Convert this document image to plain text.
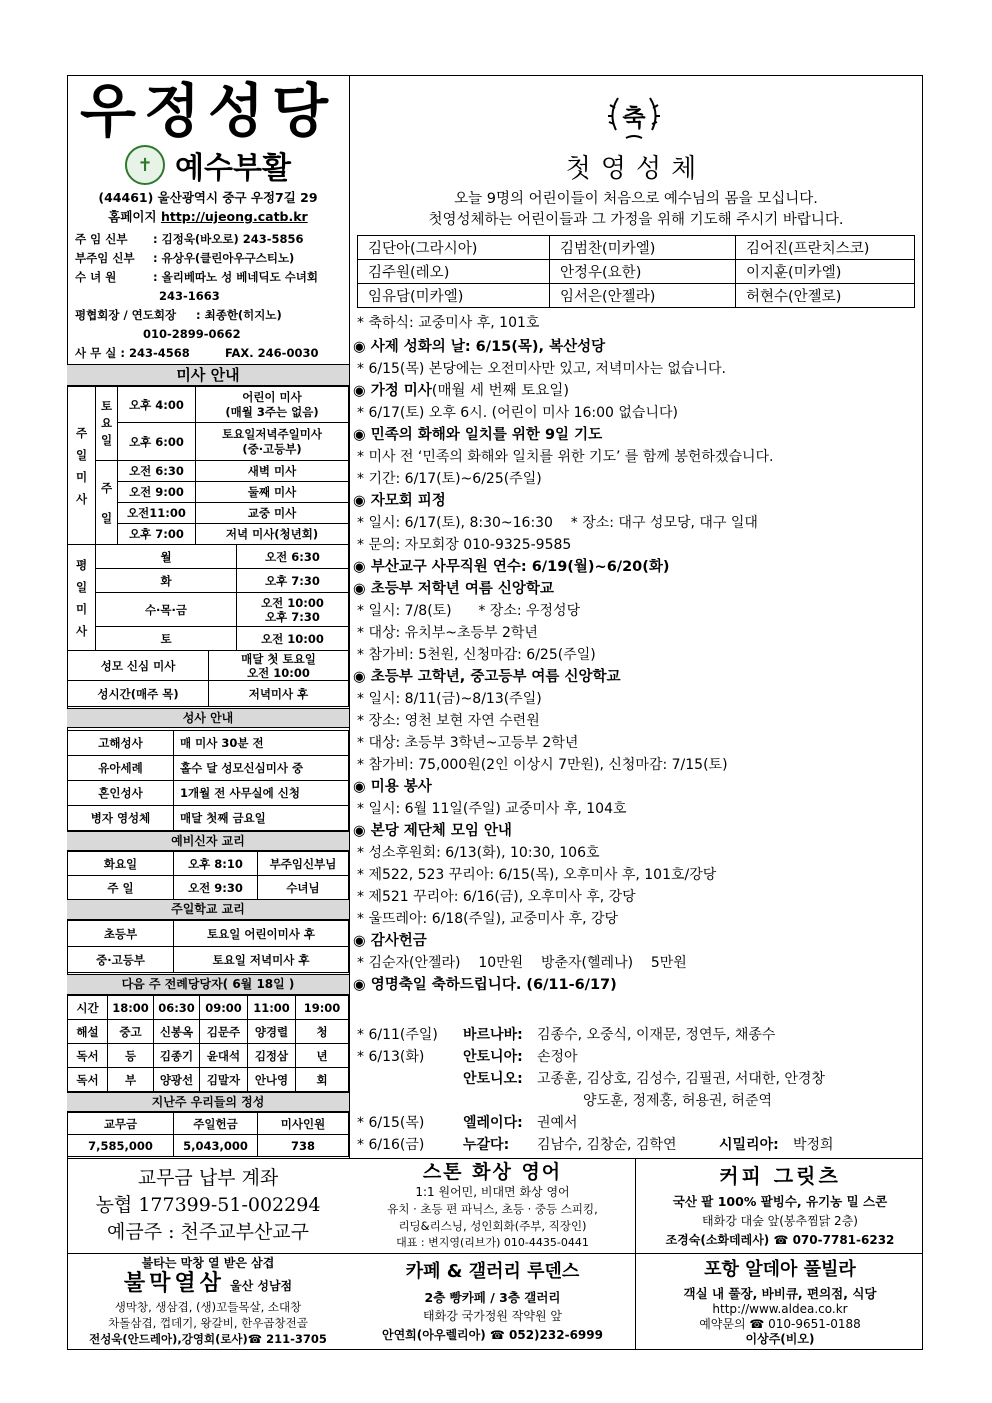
우정성당
✝ 예수부활
(44461) 울산광역시 중구 우정7길 29
홈페이지 http://ujeong.catb.kr
주 임 신부 : 김정욱(바오로) 243-5856
부주임 신부 : 유상우(클린아우구스티노)
수 녀 원	: 올리베따노 성 베네딕도 수녀회
243-1663
평협회장 / 연도회장 : 최종한(히지노)
010-2899-0662
사 무 실 : 243-4568	FAX. 246-0030
미사 안내
주
일
미
사	토
요
일	오후 4:00	어린이 미사
(매월 3주는 없음)
		오후 6:00	토요일저녁주일미사
(중·고등부)
	주
일	오전 6:30	새벽 미사
		오전 9:00	둘째 미사
		오전11:00	교중 미사
		오후 7:00	저녁 미사(청년회)
평
일
미
사	월	오전 6:30
	화	오후 7:30
	수·목·금	오전 10:00
오후 7:30
	토	오전 10:00
성모 신심 미사	매달 첫 토요일
오전 10:00
성시간(매주 목)	저녁미사 후
성사 안내
고해성사	매 미사 30분 전
유아세례	홀수 달 성모신심미사 중
혼인성사	1개월 전 사무실에 신청
병자 영성체	매달 첫째 금요일
예비신자 교리
화요일	오후 8:10	부주임신부님
주 일	오전 9:30	수녀님
주일학교 교리
초등부	토요일 어린이미사 후
중·고등부	토요일 저녁미사 후
다음 주 전례당당자( 6월 18일 )
시간	18:00	06:30	09:00	11:00	19:00
해설	중고	신봉옥	김문주	양경렬	청
독서	등	김종기	윤대석	김정삼	년
독서	부	양광선	김말자	안나영	회
지난주 우리들의 정성
교무금	주일헌금	미사인원
7,585,000	5,043,000	738
축
첫영성체
오늘 9명의 어린이들이 처음으로 예수님의 몸을 모십니다.
첫영성체하는 어린이들과 그 가정을 위해 기도해 주시기 바랍니다.
김단아(그라시아)	김범찬(미카엘)	김어진(프란치스코)
김주원(레오)	안정우(요한)	이지훈(미카엘)
임유담(미카엘)	임서은(안젤라)	허현수(안젤로)
* 축하식: 교중미사 후, 101호
◉ 사제 성화의 날: 6/15(목), 복산성당
* 6/15(목) 본당에는 오전미사만 있고, 저녁미사는 없습니다.
◉ 가정 미사(매월 세 번째 토요일)
* 6/17(토) 오후 6시. (어린이 미사 16:00 없습니다)
◉ 민족의 화해와 일치를 위한 9일 기도
* 미사 전 ‘민족의 화해와 일치를 위한 기도’ 를 함께 봉헌하겠습니다.
* 기간: 6/17(토)~6/25(주일)
◉ 자모회 피정
* 일시: 6/17(토), 8:30~16:30    * 장소: 대구 성모당, 대구 일대
* 문의: 자모회장 010-9325-9585
◉ 부산교구 사무직원 연수: 6/19(월)~6/20(화)
◉ 초등부 저학년 여름 신앙학교
* 일시: 7/8(토)      * 장소: 우정성당
* 대상: 유치부~초등부 2학년
* 참가비: 5천원, 신청마감: 6/25(주일)
◉ 초등부 고학년, 중고등부 여름 신앙학교
* 일시: 8/11(금)~8/13(주일)
* 장소: 영천 보현 자연 수련원
* 대상: 초등부 3학년~고등부 2학년
* 참가비: 75,000원(2인 이상시 7만원), 신청마감: 7/15(토)
◉ 미용 봉사
* 일시: 6월 11일(주일) 교중미사 후, 104호
◉ 본당 제단체 모임 안내
* 성소후원회: 6/13(화), 10:30, 106호
* 제522, 523 꾸리아: 6/15(목), 오후미사 후, 101호/강당
* 제521 꾸리아: 6/16(금), 오후미사 후, 강당
* 울뜨레아: 6/18(주일), 교중미사 후, 강당
◉ 감사헌금
* 김순자(안젤라)    10만원    방춘자(헬레나)    5만원
◉ 영명축일 축하드립니다. (6/11-6/17)
* 6/11(주일) 바르나바: 김종수, 오중식, 이재문, 정연두, 채종수
* 6/13(화)	안토니아: 손정아
안토니오: 고종훈, 김상호, 김성수, 김필권, 서대한, 안경창
양도훈, 정제홍, 허용권, 허준역
* 6/15(목)	엘레이다: 권예서
* 6/16(금)	누갈다: 김남수, 김창순, 김학연	시밀리아: 박정희
교무금 납부 계좌
농협 177399-51-002294
예금주 : 천주교부산교구
스톤 화상 영어
1:1 원어민, 비대면 화상 영어
유치 · 초등 편 파닉스, 초등 · 중등 스피킹,
리딩&리스닝, 성인회화(주부, 직장인)
대표 : 변지영(리브가) 010-4435-0441
커피 그릿츠
국산 팥 100% 팥빙수, 유기농 밀 스콘
태화강 대숲 앞(봉추찜닭 2층)
조경숙(소화데레사) ☎ 070-7781-6232
불타는 막창 열 받은 삼겹
불막열삼 울산 성남점
생막창, 생삼겹, (생)꼬들목살, 소대창
차돌삼겹, 껍데기, 왕갈비, 한우곱창전골
전성욱(안드레아),강영희(로사)☎ 211-3705
카페 & 갤러리 루덴스
2층 빵카페 / 3층 갤러리
태화강 국가정원 작약원 앞
안연희(아우렐리아) ☎ 052)232-6999
포항 알데아 풀빌라
객실 내 풀장, 바비큐, 편의점, 식당
http://www.aldea.co.kr
예약문의 ☎ 010-9651-0188
이상주(비오)
